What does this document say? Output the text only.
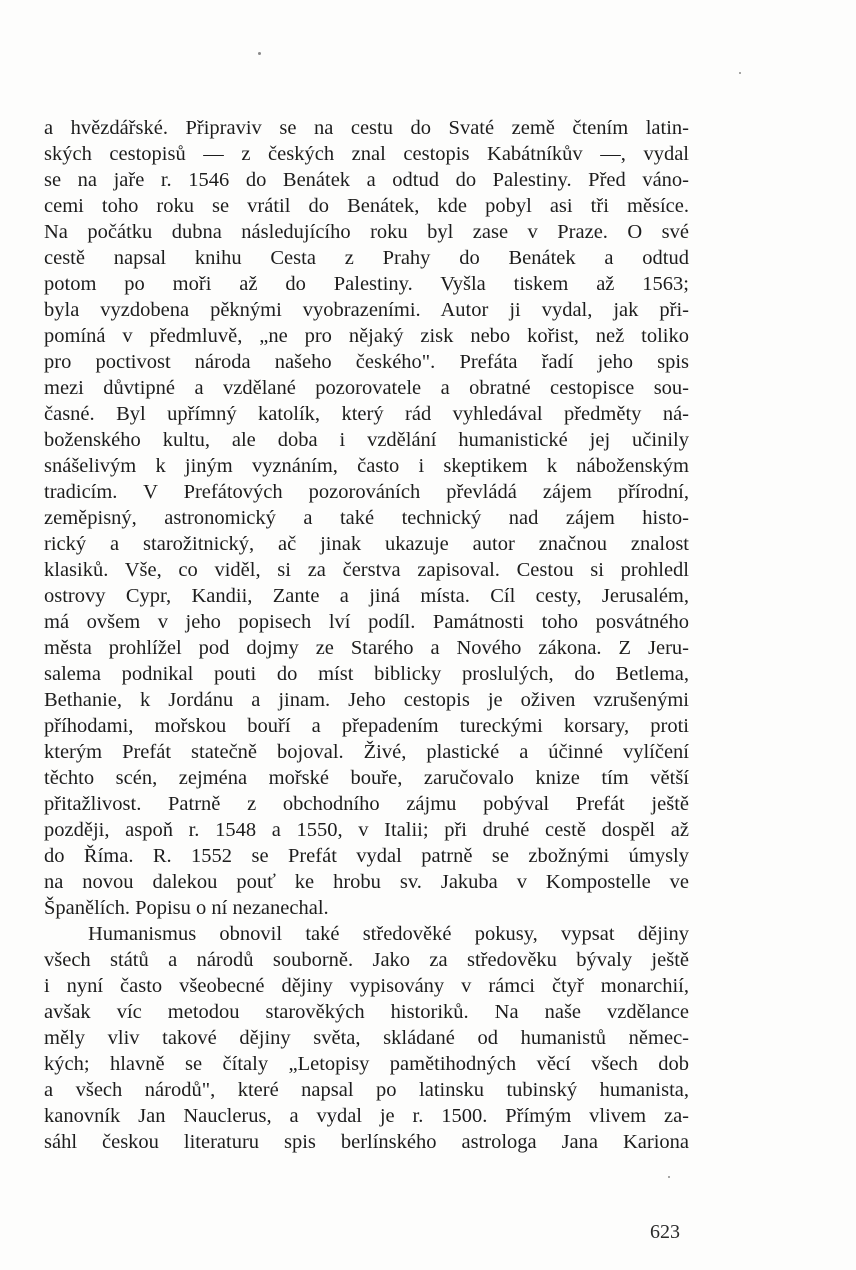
a hvězdářské. Připraviv se na cestu do Svaté země čtením latin-
ských cestopisů — z českých znal cestopis Kabátníkův —, vydal
se na jaře r. 1546 do Benátek a odtud do Palestiny. Před váno-
cemi toho roku se vrátil do Benátek, kde pobyl asi tři měsíce.
Na počátku dubna následujícího roku byl zase v Praze. O své
cestě napsal knihu Cesta z Prahy do Benátek a odtud
potom po moři až do Palestiny. Vyšla tiskem až 1563;
byla vyzdobena pěknými vyobrazeními. Autor ji vydal, jak při-
pomíná v předmluvě, „ne pro nějaký zisk nebo kořist, než toliko
pro poctivost národa našeho českého". Prefáta řadí jeho spis
mezi důvtipné a vzdělané pozorovatele a obratné cestopisce sou-
časné. Byl upřímný katolík, který rád vyhledával předměty ná-
boženského kultu, ale doba i vzdělání humanistické jej učinily
snášelivým k jiným vyznáním, často i skeptikem k náboženským
tradicím. V Prefátových pozorováních převládá zájem přírodní,
zeměpisný, astronomický a také technický nad zájem histo-
rický a starožitnický, ač jinak ukazuje autor značnou znalost
klasiků. Vše, co viděl, si za čerstva zapisoval. Cestou si prohledl
ostrovy Cypr, Kandii, Zante a jiná místa. Cíl cesty, Jerusalém,
má ovšem v jeho popisech lví podíl. Památnosti toho posvátného
města prohlížel pod dojmy ze Starého a Nového zákona. Z Jeru-
salema podnikal pouti do míst biblicky proslulých, do Betlema,
Bethanie, k Jordánu a jinam. Jeho cestopis je oživen vzrušenými
příhodami, mořskou bouří a přepadením tureckými korsary, proti
kterým Prefát statečně bojoval. Živé, plastické a účinné vylíčení
těchto scén, zejména mořské bouře, zaručovalo knize tím větší
přitažlivost. Patrně z obchodního zájmu pobýval Prefát ještě
později, aspoň r. 1548 a 1550, v Italii; při druhé cestě dospěl až
do Říma. R. 1552 se Prefát vydal patrně se zbožnými úmysly
na novou dalekou pouť ke hrobu sv. Jakuba v Kompostelle ve
Španělích. Popisu o ní nezanechal.
Humanismus obnovil také středověké pokusy, vypsat dějiny
všech států a národů souborně. Jako za středověku bývaly ještě
i nyní často všeobecné dějiny vypisovány v rámci čtyř monarchií,
avšak víc metodou starověkých historiků. Na naše vzdělance
měly vliv takové dějiny světa, skládané od humanistů němec-
kých; hlavně se čítaly „Letopisy pamětihodných věcí všech dob
a všech národů", které napsal po latinsku tubinský humanista,
kanovník Jan Nauclerus, a vydal je r. 1500. Přímým vlivem za-
sáhl českou literaturu spis berlínského astrologa Jana Kariona
623
